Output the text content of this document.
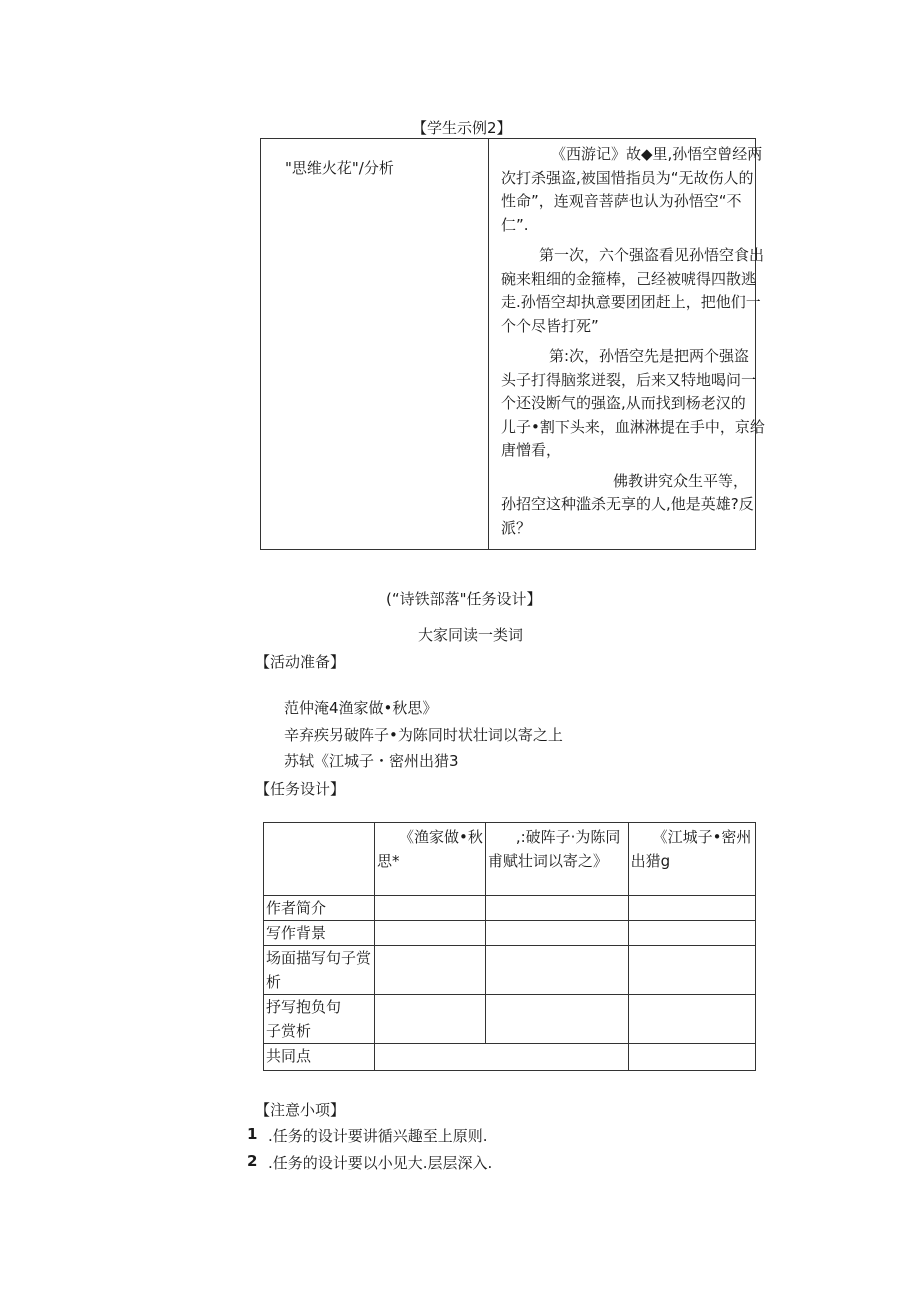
【学生示例2】
"思维火花"/分析
《西游记》故◆里,孙悟空曾经两
次打杀强盗,被国惜指员为“无故伤人的
性命”，连观音菩萨也认为孙悟空“不
仁”.
第一次，六个强盗看见孙悟空食出
碗来粗细的金箍棒，己经被唬得四散逃
走.孙悟空却执意要团团赶上，把他们一
个个尽皆打死”
第:次，孙悟空先是把两个强盗
头子打得脑浆迸裂，后来又特地喝问一
个还没断气的强盗,从而找到杨老汉的
儿子•割下头来，血淋淋提在手中，京给
唐憎看，
佛教讲究众生平等，
孙招空这种滥杀无享的人,他是英雄?反
派？
(“诗铁部落"任务设计】
大家同读一类词
【活动准备】
范仲淹4渔家做•秋思》
辛弃疾另破阵子•为陈同时状壮词以寄之上
苏轼《江城子・密州出猎3
【任务设计】

	《渔家做•秋
思*	,:破阵子·为陈同
甫赋壮词以寄之》	《江城子•密州
出猎g

作者简介			
写作背景			

场面描写句子赏
析			

抒写抱负句
子赏析			

共同点			
【注意小项】
1 .任务的设计要讲循兴趣至上原则.
2 .任务的设计要以小见大.层层深入.
